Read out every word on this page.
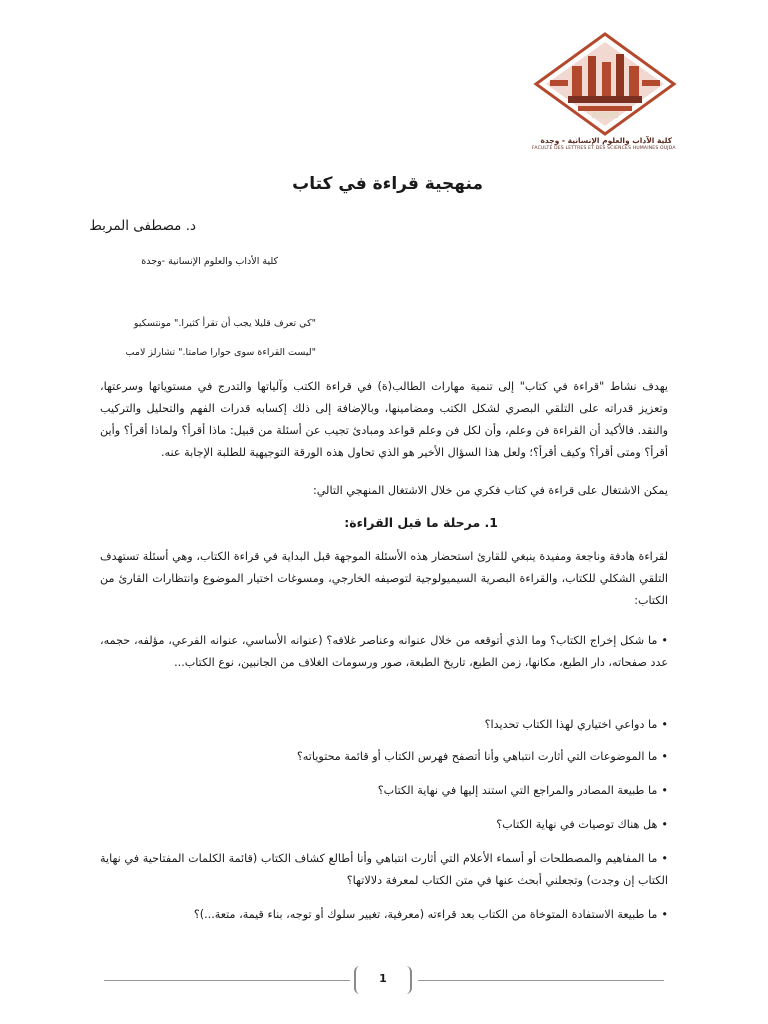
كلية الآداب والعلوم الإنسانية - وجدة
FACULTÉ DES LETTRES ET DES SCIENCES HUMAINES OUJDA
منهجية قراءة في كتاب
د. مصطفى المربط
كلية الأداب والعلوم الإنسانية -وجدة
"كي تعرف قليلا يجب أن تقرأ كثيرا." مونتسكيو
"ليست القراءة سوى حوارا صامتا." تشارلز لامب
يهدف نشاط "قراءة في كتاب" إلى تنمية مهارات الطالب(ة) في قراءة الكتب وآلياتها والتدرج في مستوياتها وسرعتها، وتعزيز قدراته على التلقي البصري لشكل الكتب ومضامينها، وبالإضافة إلى ذلك إكسابه قدرات الفهم والتحليل والتركيب والنقد. فالأكيد أن القراءة فن وعلم، وأن لكل فن وعلم قواعد ومبادئ تجيب عن أسئلة من قبيل: ماذا أقرأ؟ ولماذا أقرأ؟ وأين أقرأ؟ ومتى أقرأ؟ وكيف أقرأ؟؛ ولعل هذا السؤال الأخير هو الذي تحاول هذه الورقة التوجيهية للطلبة الإجابة عنه.
يمكن الاشتغال على قراءة في كتاب فكري من خلال الاشتغال المنهجي التالي:
1. مرحلة ما قبل القراءة:
لقراءة هادفة وناجعة ومفيدة ينبغي للقارئ استحضار هذه الأسئلة الموجهة قبل البداية في قراءة الكتاب، وهي أسئلة تستهدف التلقي الشكلي للكتاب، والقراءة البصرية السيميولوجية لتوصيفه الخارجي، ومسوغات اختيار الموضوع وانتظارات القارئ من الكتاب:
•ما شكل إخراج الكتاب؟ وما الذي أتوقعه من خلال عنوانه وعناصر غلافه؟ (عنوانه الأساسي، عنوانه الفرعي، مؤلفه، حجمه، عدد صفحاته، دار الطبع، مكانها، زمن الطبع، تاريخ الطبعة، صور ورسومات الغلاف من الجانبين، نوع الكتاب...
•ما دواعي اختياري لهذا الكتاب تحديدا؟
•ما الموضوعات التي أثارت انتباهي وأنا أتصفح فهرس الكتاب أو قائمة محتوياته؟
•ما طبيعة المصادر والمراجع التي استند إليها في نهاية الكتاب؟
•هل هناك توصيات في نهاية الكتاب؟
•ما المفاهيم والمصطلحات أو أسماء الأعلام التي أثارت انتباهي وأنا أطالع كشاف الكتاب (قائمة الكلمات المفتاحية في نهاية الكتاب إن وجدت) وتجعلني أبحث عنها في متن الكتاب لمعرفة دلالاتها؟
•ما طبيعة الاستفادة المتوخاة من الكتاب بعد قراءته (معرفية، تغيير سلوك أو توجه، بناء قيمة، متعة...)؟
1
